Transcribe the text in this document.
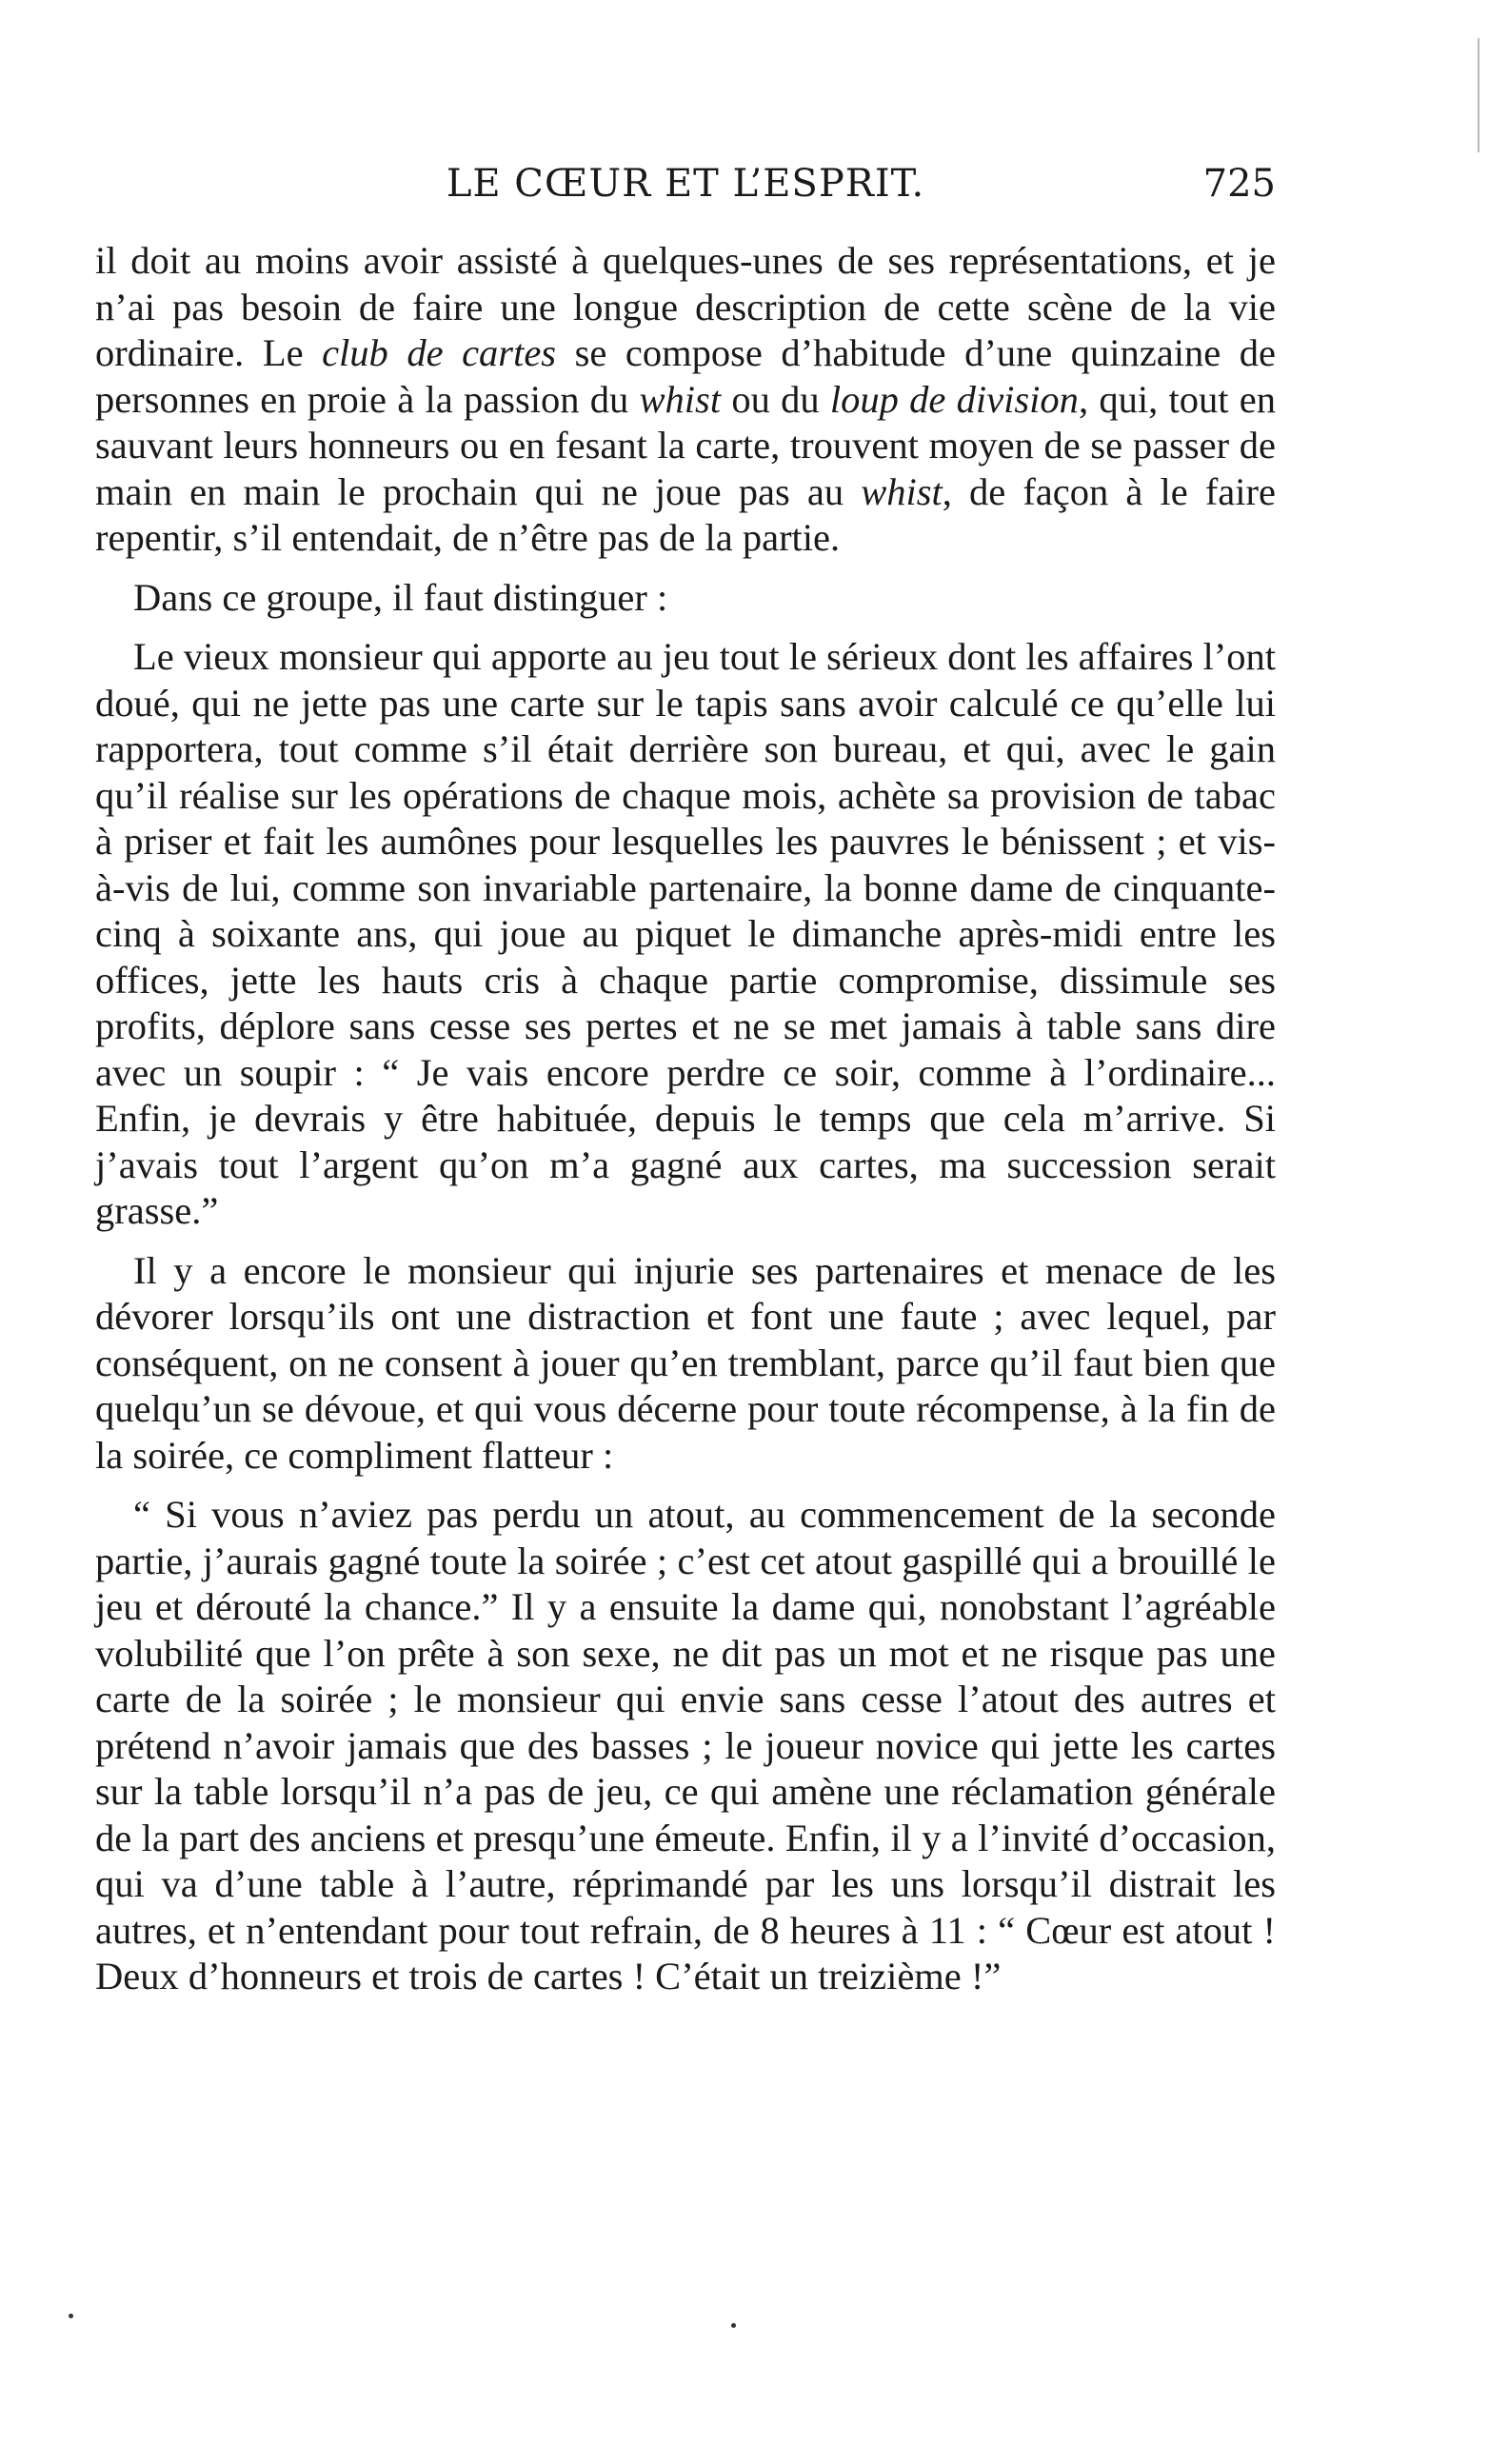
LE CŒUR ET L’ESPRIT.	725

il doit au moins avoir assisté à quelques-unes de ses représentations, et je n’ai pas besoin de faire une longue description de cette scène de la vie ordinaire. Le club de cartes se compose d’habitude d’une quinzaine de personnes en proie à la passion du whist ou du loup de division, qui, tout en sauvant leurs honneurs ou en fesant la carte, trouvent moyen de se passer de main en main le prochain qui ne joue pas au whist, de façon à le faire repentir, s’il entendait, de n’être pas de la partie.

Dans ce groupe, il faut distinguer :

Le vieux monsieur qui apporte au jeu tout le sérieux dont les affaires l’ont doué, qui ne jette pas une carte sur le tapis sans avoir calculé ce qu’elle lui rapportera, tout comme s’il était derrière son bureau, et qui, avec le gain qu’il réalise sur les opérations de chaque mois, achète sa provision de tabac à priser et fait les aumônes pour lesquelles les pauvres le bénissent ; et vis-à-vis de lui, comme son invariable partenaire, la bonne dame de cinquante-cinq à soixante ans, qui joue au piquet le dimanche après-midi entre les offices, jette les hauts cris à chaque partie compromise, dissimule ses profits, déplore sans cesse ses pertes et ne se met jamais à table sans dire avec un soupir : “ Je vais encore perdre ce soir, comme à l’ordinaire... Enfin, je devrais y être habituée, depuis le temps que cela m’arrive. Si j’avais tout l’argent qu’on m’a gagné aux cartes, ma succession serait grasse.”

Il y a encore le monsieur qui injurie ses partenaires et menace de les dévorer lorsqu’ils ont une distraction et font une faute ; avec lequel, par conséquent, on ne consent à jouer qu’en tremblant, parce qu’il faut bien que quelqu’un se dévoue, et qui vous décerne pour toute récompense, à la fin de la soirée, ce compliment flatteur :

“ Si vous n’aviez pas perdu un atout, au commencement de la seconde partie, j’aurais gagné toute la soirée ; c’est cet atout gaspillé qui a brouillé le jeu et dérouté la chance.” Il y a ensuite la dame qui, nonobstant l’agréable volubilité que l’on prête à son sexe, ne dit pas un mot et ne risque pas une carte de la soirée ; le monsieur qui envie sans cesse l’atout des autres et prétend n’avoir jamais que des basses ; le joueur novice qui jette les cartes sur la table lorsqu’il n’a pas de jeu, ce qui amène une réclamation générale de la part des anciens et presqu’une émeute. Enfin, il y a l’invité d’occasion, qui va d’une table à l’autre, réprimandé par les uns lorsqu’il distrait les autres, et n’entendant pour tout refrain, de 8 heures à 11 : “ Cœur est atout ! Deux d’honneurs et trois de cartes ! C’était un treizième !”
